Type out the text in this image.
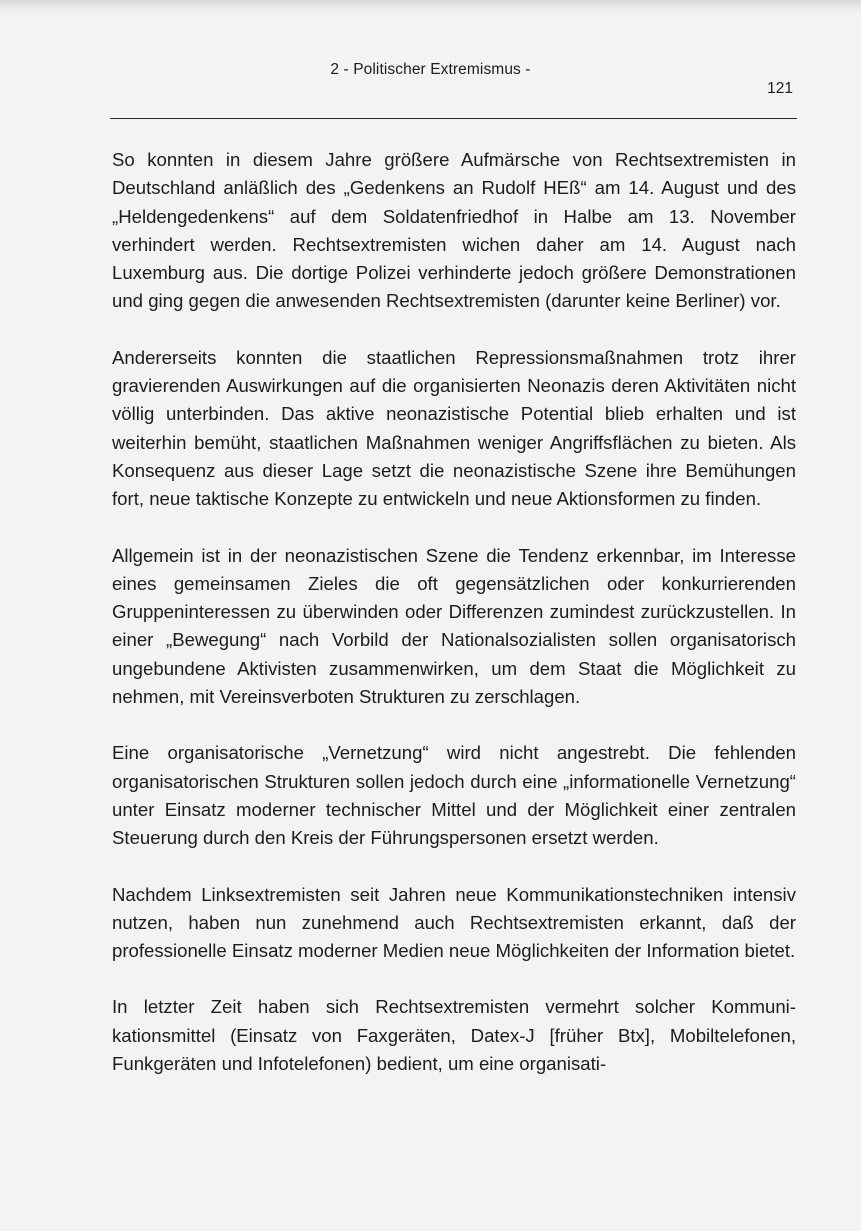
2 - Politischer Extremismus -
121

So konnten in diesem Jahre größere Aufmärsche von Rechtsextremisten in Deutschland anläßlich des „Gedenkens an Rudolf HEß“ am 14. August und des „Heldengedenkens“ auf dem Soldatenfriedhof in Halbe am 13. November verhindert werden. Rechtsextremisten wichen daher am 14. August nach Luxemburg aus. Die dortige Polizei verhinderte jedoch größere Demonstrationen und ging gegen die anwesenden Rechtsextremisten (darunter keine Berliner) vor.

Andererseits konnten die staatlichen Repressionsmaßnahmen trotz ihrer gravierenden Auswirkungen auf die organisierten Neonazis deren Aktivitäten nicht völlig unterbinden. Das aktive neonazistische Potential blieb erhalten und ist weiterhin bemüht, staatlichen Maßnahmen weniger Angriffsflächen zu bieten. Als Konsequenz aus dieser Lage setzt die neonazistische Szene ihre Bemühungen fort, neue taktische Konzepte zu entwickeln und neue Aktionsformen zu finden.

Allgemein ist in der neonazistischen Szene die Tendenz erkennbar, im Interesse eines gemeinsamen Zieles die oft gegensätzlichen oder konkurrierenden Gruppeninteressen zu überwinden oder Differenzen zumindest zurückzustellen. In einer „Bewegung“ nach Vorbild der Nationalsozialisten sollen organisatorisch ungebundene Aktivisten zusammenwirken, um dem Staat die Möglichkeit zu nehmen, mit Vereinsverboten Strukturen zu zerschlagen.

Eine organisatorische „Vernetzung“ wird nicht angestrebt. Die fehlenden organisatorischen Strukturen sollen jedoch durch eine „informationelle Vernetzung“ unter Einsatz moderner technischer Mittel und der Möglichkeit einer zentralen Steuerung durch den Kreis der Führungspersonen ersetzt werden.

Nachdem Linksextremisten seit Jahren neue Kommunikationstechniken intensiv nutzen, haben nun zunehmend auch Rechtsextremisten erkannt, daß der professionelle Einsatz moderner Medien neue Möglichkeiten der Information bietet.

In letzter Zeit haben sich Rechtsextremisten vermehrt solcher Kommunikationsmittel (Einsatz von Faxgeräten, Datex-J [früher Btx], Mobiltelefonen, Funkgeräten und Infotelefonen) bedient, um eine organisati-
